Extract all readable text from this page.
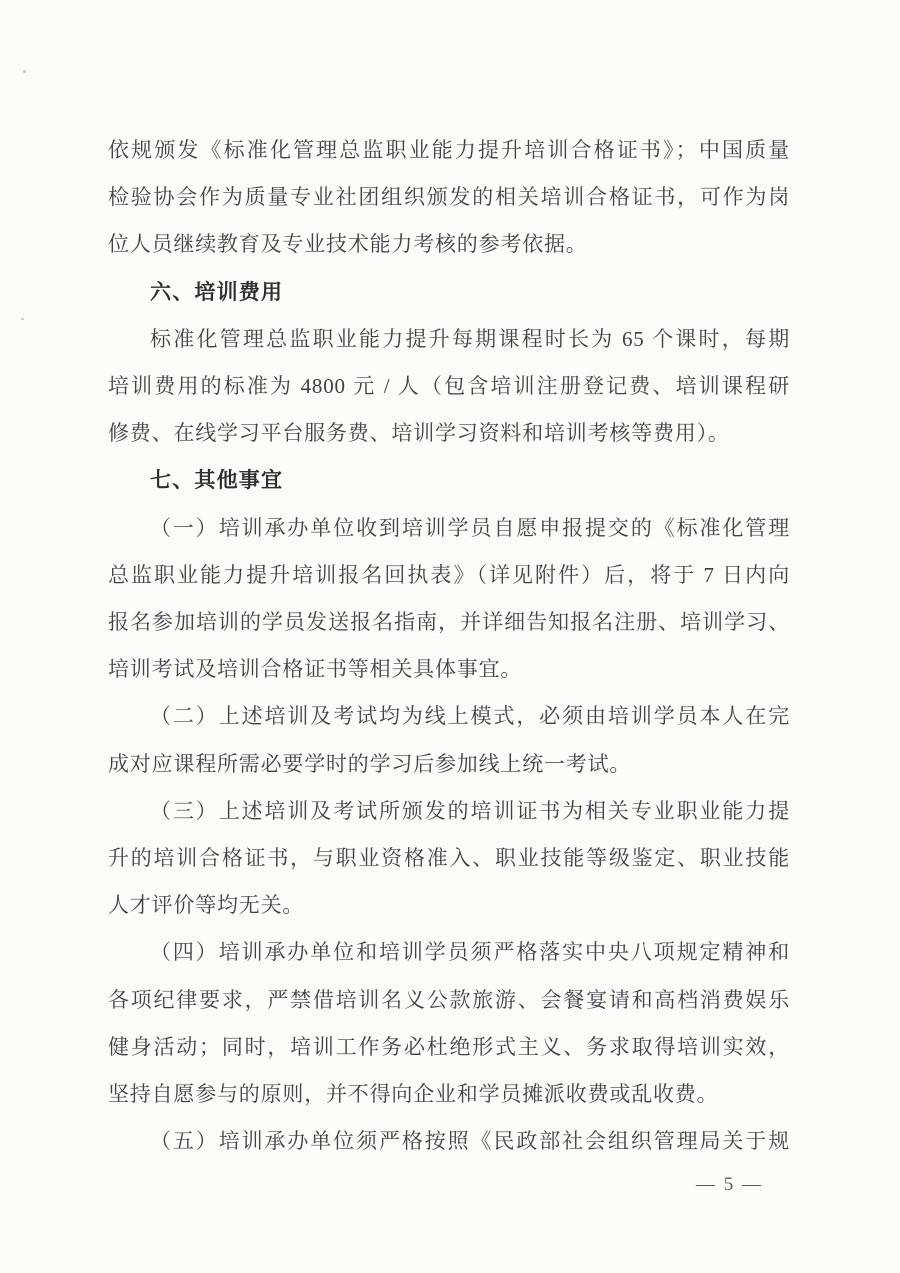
依规颁发《标准化管理总监职业能力提升培训合格证书》；中国质量
检验协会作为质量专业社团组织颁发的相关培训合格证书，可作为岗
位人员继续教育及专业技术能力考核的参考依据。
六、培训费用
标准化管理总监职业能力提升每期课程时长为 65 个课时，每期
培训费用的标准为 4800 元 / 人（包含培训注册登记费、培训课程研
修费、在线学习平台服务费、培训学习资料和培训考核等费用）。
七、其他事宜
（一）培训承办单位收到培训学员自愿申报提交的《标准化管理
总监职业能力提升培训报名回执表》（详见附件）后，将于 7 日内向
报名参加培训的学员发送报名指南，并详细告知报名注册、培训学习、
培训考试及培训合格证书等相关具体事宜。
（二）上述培训及考试均为线上模式，必须由培训学员本人在完
成对应课程所需必要学时的学习后参加线上统一考试。
（三）上述培训及考试所颁发的培训证书为相关专业职业能力提
升的培训合格证书，与职业资格准入、职业技能等级鉴定、职业技能
人才评价等均无关。
（四）培训承办单位和培训学员须严格落实中央八项规定精神和
各项纪律要求，严禁借培训名义公款旅游、会餐宴请和高档消费娱乐
健身活动；同时，培训工作务必杜绝形式主义、务求取得培训实效，
坚持自愿参与的原则，并不得向企业和学员摊派收费或乱收费。
（五）培训承办单位须严格按照《民政部社会组织管理局关于规
— 5 —
